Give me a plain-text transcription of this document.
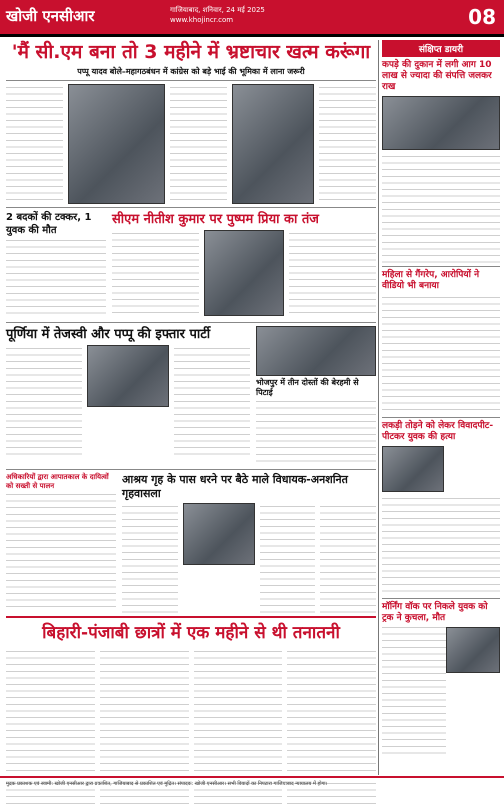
खोजी एनसीआर	गाजियाबाद, शनिवार, 24 मई 2025
www.khojincr.com	08
'मैं सी.एम बना तो 3 महीने में भ्रष्टाचार खत्म करूंगा
पप्पू यादव बोले–महागठबंधन में कांग्रेस को बड़े भाई की भूमिका में लाना जरूरी
2 बदकों की टक्कर, 1 युवक की मौत
सीएम नीतीश कुमार पर पुष्पम प्रिया का तंज
पूर्णिया में तेजस्वी और पप्पू की इफ्तार पार्टी
भोजपुर में तीन दोस्तों की बेरहमी से पिटाई
अधिकारियों द्वारा आपातकाल के दायित्वों को सख्ती से पालन	आश्रय गृह के पास धरने पर बैठे माले विधायक-अनशनित गृहवासला
बिहारी-पंजाबी छात्रों में एक महीने से थी तनातनी
संक्षिप्त डायरी
कपड़े की दुकान में लगी आग 10 लाख से ज्यादा की संपत्ति जलकर राख
महिला से गैंगरेप, आरोपियों ने वीडियो भी बनाया
लकड़ी तोड़ने को लेकर विवादपीट-पीटकर युवक की हत्या
मॉर्निंग वॉक पर निकले युवक को ट्रक ने कुचला, मौत
मुद्रक प्रकाशक एवं स्वामी: खोजी एनसीआर द्वारा प्रकाशित, गाजियाबाद से प्रकाशित एवं मुद्रित। संपादक: खोजी एनसीआर। सभी विवादों का निपटारा गाजियाबाद न्यायालय में होगा।
